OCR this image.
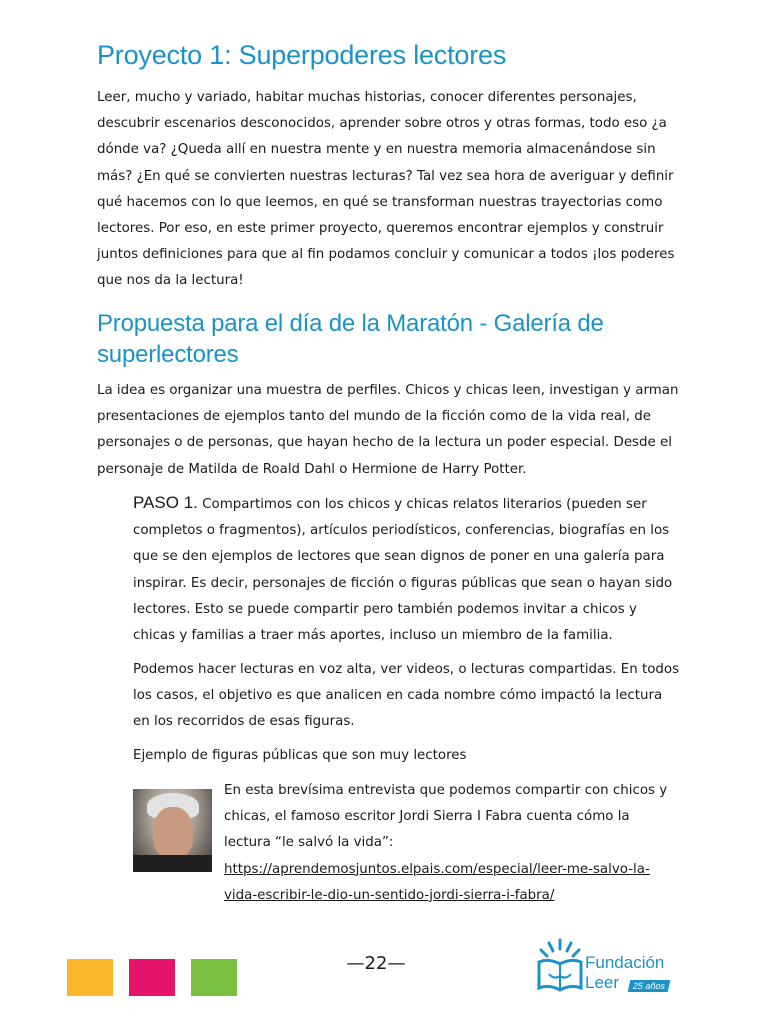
Proyecto 1: Superpoderes lectores

Leer, mucho y variado, habitar muchas historias, conocer diferentes personajes, descubrir escenarios desconocidos, aprender sobre otros y otras formas, todo eso ¿a dónde va? ¿Queda allí en nuestra mente y en nuestra memoria almacenándose sin más? ¿En qué se convierten nuestras lecturas? Tal vez sea hora de averiguar y definir qué hacemos con lo que leemos, en qué se transforman nuestras trayectorias como lectores. Por eso, en este primer proyecto, queremos encontrar ejemplos y construir juntos definiciones para que al fin podamos concluir y comunicar a todos ¡los poderes que nos da la lectura!

Propuesta para el día de la Maratón - Galería de superlectores

La idea es organizar una muestra de perfiles. Chicos y chicas leen, investigan y arman presentaciones de ejemplos tanto del mundo de la ficción como de la vida real, de personajes o de personas, que hayan hecho de la lectura un poder especial. Desde el personaje de Matilda de Roald Dahl o Hermione de Harry Potter.

PASO 1. Compartimos con los chicos y chicas relatos literarios (pueden ser completos o fragmentos), artículos periodísticos, conferencias, biografías en los que se den ejemplos de lectores que sean dignos de poner en una galería para inspirar. Es decir, personajes de ficción o figuras públicas que sean o hayan sido lectores. Esto se puede compartir pero también podemos invitar a chicos y chicas y familias a traer más aportes, incluso un miembro de la familia.

Podemos hacer lecturas en voz alta, ver videos, o lecturas compartidas. En todos los casos, el objetivo es que analicen en cada nombre cómo impactó la lectura en los recorridos de esas figuras.

Ejemplo de figuras públicas que son muy lectores

En esta brevísima entrevista que podemos compartir con chicos y chicas, el famoso escritor Jordi Sierra I Fabra cuenta cómo la lectura “le salvó la vida”: https://aprendemosjuntos.elpais.com/especial/leer-me-salvo-la-vida-escribir-le-dio-un-sentido-jordi-sierra-i-fabra/

—22—	Fundación
Leer	25 años
